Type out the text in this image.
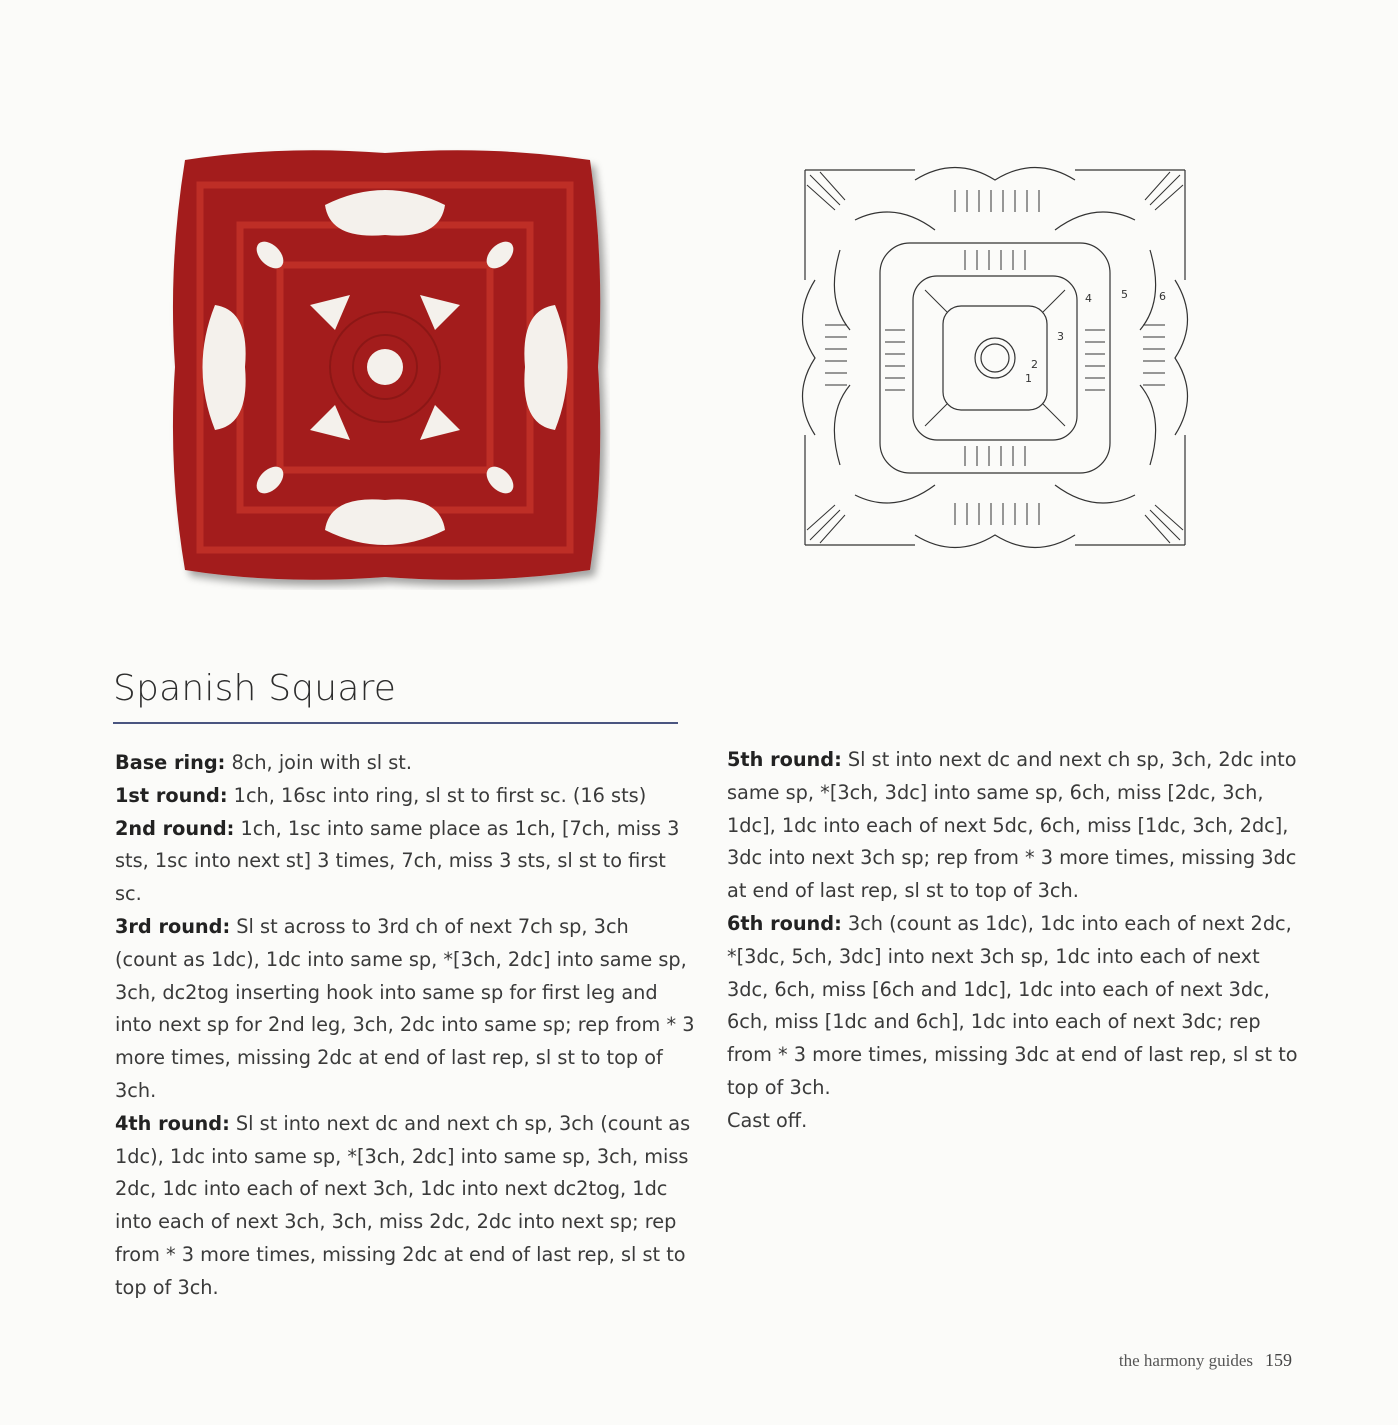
1
2
3
4	5	6
Spanish Square

Base ring: 8ch, join with sl st.

1st round: 1ch, 16sc into ring, sl st to first sc. (16 sts)

2nd round: 1ch, 1sc into same place as 1ch, [7ch, miss 3 sts, 1sc into next st] 3 times, 7ch, miss 3 sts, sl st to first sc.

3rd round: Sl st across to 3rd ch of next 7ch sp, 3ch (count as 1dc), 1dc into same sp, *[3ch, 2dc] into same sp, 3ch, dc2tog inserting hook into same sp for first leg and into next sp for 2nd leg, 3ch, 2dc into same sp; rep from * 3 more times, missing 2dc at end of last rep, sl st to top of 3ch.

4th round: Sl st into next dc and next ch sp, 3ch (count as 1dc), 1dc into same sp, *[3ch, 2dc] into same sp, 3ch, miss 2dc, 1dc into each of next 3ch, 1dc into next dc2tog, 1dc into each of next 3ch, 3ch, miss 2dc, 2dc into next sp; rep from * 3 more times, missing 2dc at end of last rep, sl st to top of 3ch.

5th round: Sl st into next dc and next ch sp, 3ch, 2dc into same sp, *[3ch, 3dc] into same sp, 6ch, miss [2dc, 3ch, 1dc], 1dc into each of next 5dc, 6ch, miss [1dc, 3ch, 2dc], 3dc into next 3ch sp; rep from * 3 more times, missing 3dc at end of last rep, sl st to top of 3ch.

6th round: 3ch (count as 1dc), 1dc into each of next 2dc, *[3dc, 5ch, 3dc] into next 3ch sp, 1dc into each of next 3dc, 6ch, miss [6ch and 1dc], 1dc into each of next 3dc, 6ch, miss [1dc and 6ch], 1dc into each of next 3dc; rep from * 3 more times, missing 3dc at end of last rep, sl st to top of 3ch.

Cast off.

the harmony guides 159
